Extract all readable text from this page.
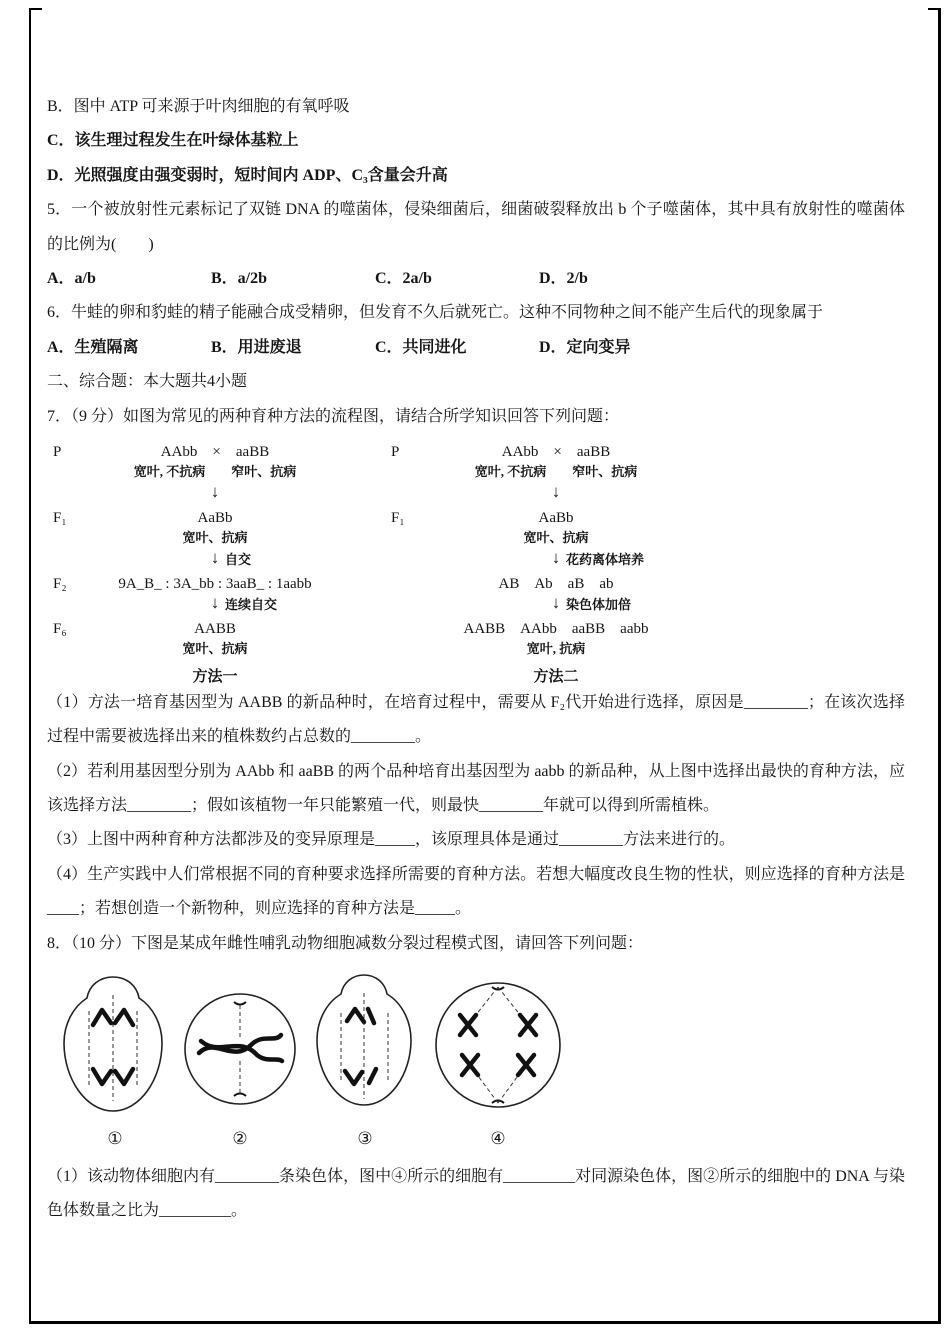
B．图中 ATP 可来源于叶肉细胞的有氧呼吸
C．该生理过程发生在叶绿体基粒上
D．光照强度由强变弱时，短时间内 ADP、C₃含量会升高
5．一个被放射性元素标记了双链 DNA 的噬菌体，侵染细菌后，细菌破裂释放出 b 个子噬菌体，其中具有放射性的噬菌体的比例为(　　)
A．a/b	B．a/2b	C．2a/b	D．2/b
6．牛蛙的卵和豹蛙的精子能融合成受精卵，但发育不久后就死亡。这种不同物种之间不能产生后代的现象属于
A．生殖隔离	B．用进废退	C．共同进化	D．定向变异
二、综合题：本大题共4小题
7．（9 分）如图为常见的两种育种方法的流程图，请结合所学知识回答下列问题：
P	AAbb　×　aaBB
宽叶, 不抗病　　窄叶、抗病
↓
F₁	AaBb
宽叶、抗病
↓ 自交
F₂	9A_B_ : 3A_bb : 3aaB_ : 1aabb
↓ 连续自交
F₆	AABB
宽叶、抗病
方法一
P	AAbb　×　aaBB
宽叶, 不抗病　　窄叶、抗病
↓
F₁	AaBb
宽叶、抗病
↓ 花药离体培养
AB　Ab　aB　ab
↓ 染色体加倍
AABB　AAbb　aaBB　aabb
宽叶, 抗病
方法二
（1）方法一培育基因型为 AABB 的新品种时，在培育过程中，需要从 F₂代开始进行选择，原因是________；在该次选择过程中需要被选择出来的植株数约占总数的________。
（2）若利用基因型分别为 AAbb 和 aaBB 的两个品种培育出基因型为 aabb 的新品种，从上图中选择出最快的育种方法，应该选择方法________；假如该植物一年只能繁殖一代，则最快________年就可以得到所需植株。
（3）上图中两种育种方法都涉及的变异原理是_____，该原理具体是通过________方法来进行的。
（4）生产实践中人们常根据不同的育种要求选择所需要的育种方法。若想大幅度改良生物的性状，则应选择的育种方法是____；若想创造一个新物种，则应选择的育种方法是_____。
8．（10 分）下图是某成年雌性哺乳动物细胞减数分裂过程模式图，请回答下列问题：
①	②	③	④
（1）该动物体细胞内有________条染色体，图中④所示的细胞有_________对同源染色体，图②所示的细胞中的 DNA 与染色体数量之比为_________。
